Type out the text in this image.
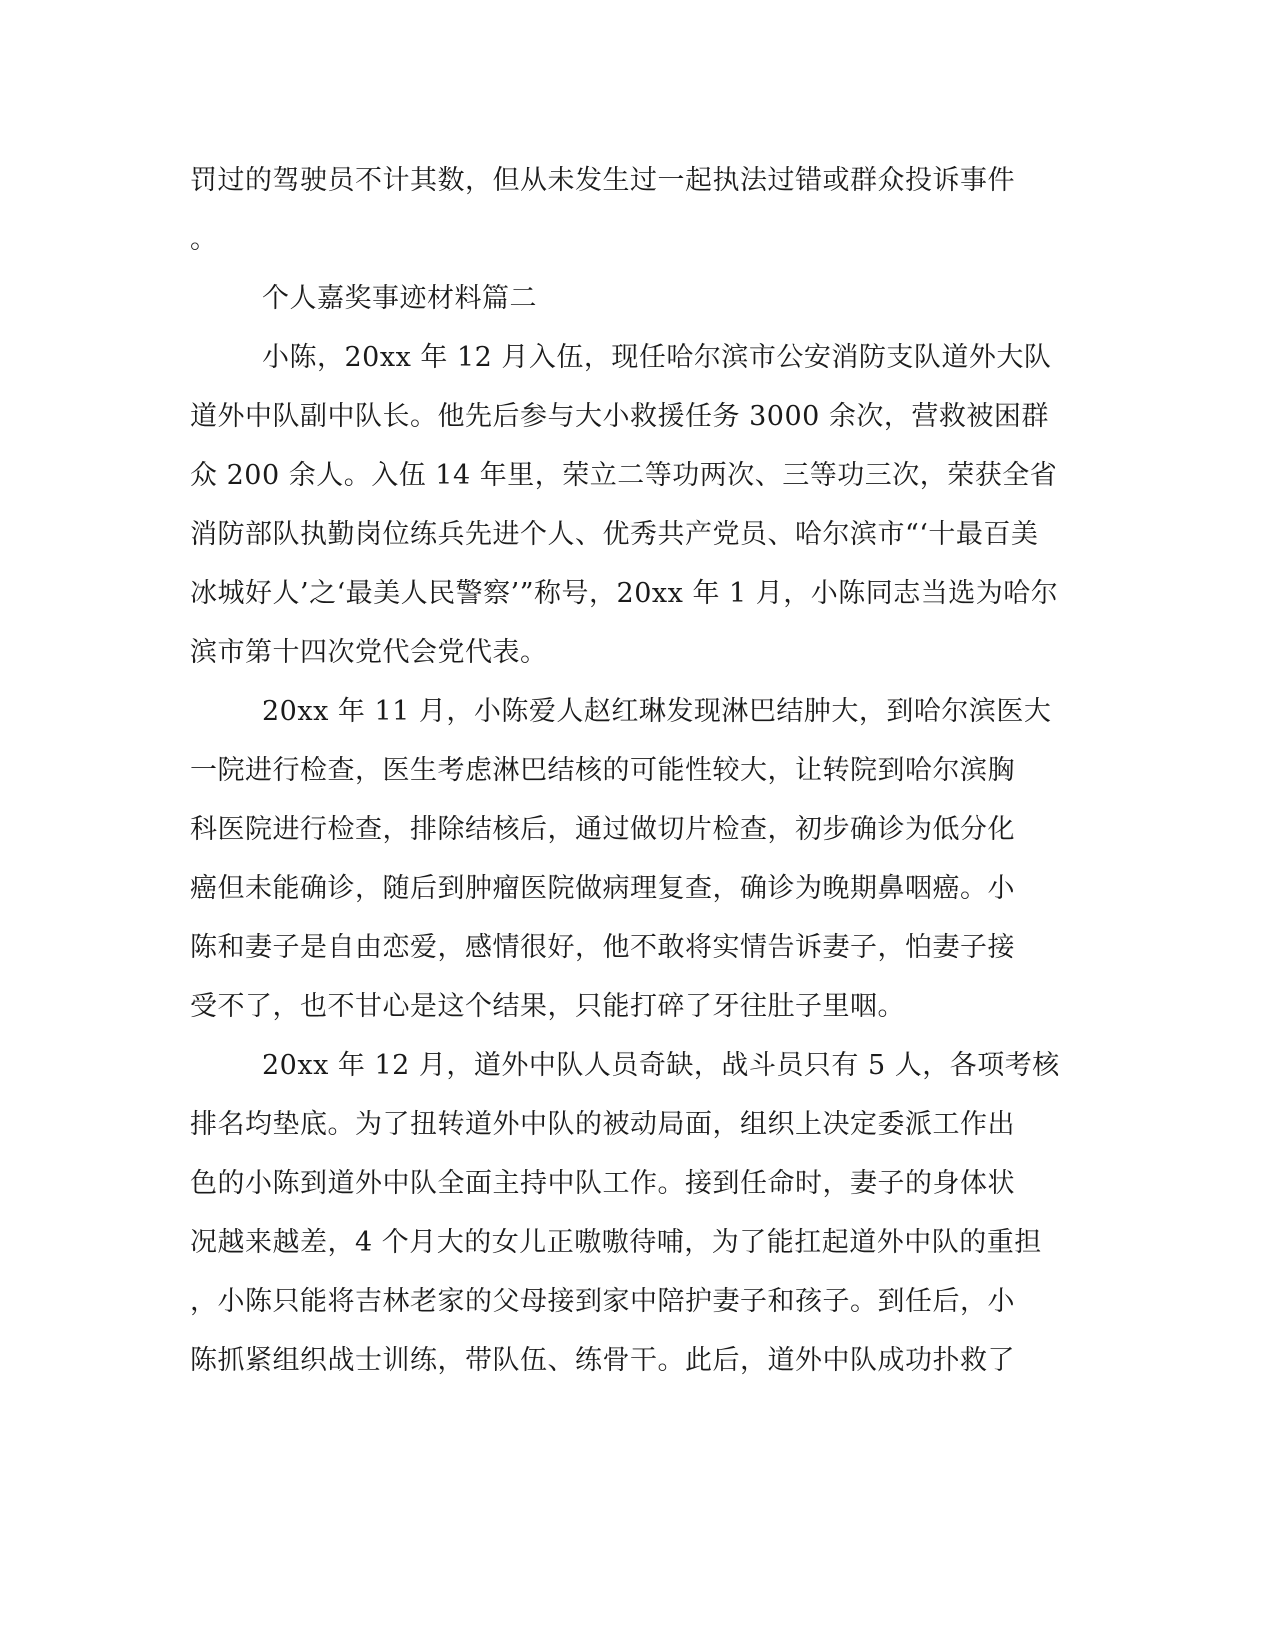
罚过的驾驶员不计其数，但从未发生过一起执法过错或群众投诉事件
。
个人嘉奖事迹材料篇二
小陈，20xx 年 12 月入伍，现任哈尔滨市公安消防支队道外大队
道外中队副中队长。他先后参与大小救援任务 3000 余次，营救被困群
众 200 余人。入伍 14 年里，荣立二等功两次、三等功三次，荣获全省
消防部队执勤岗位练兵先进个人、优秀共产党员、哈尔滨市“‘十最百美
冰城好人’之‘最美人民警察’”称号，20xx 年 1 月，小陈同志当选为哈尔
滨市第十四次党代会党代表。
20xx 年 11 月，小陈爱人赵红琳发现淋巴结肿大，到哈尔滨医大
一院进行检查，医生考虑淋巴结核的可能性较大，让转院到哈尔滨胸
科医院进行检查，排除结核后，通过做切片检查，初步确诊为低分化
癌但未能确诊，随后到肿瘤医院做病理复查，确诊为晚期鼻咽癌。小
陈和妻子是自由恋爱，感情很好，他不敢将实情告诉妻子，怕妻子接
受不了，也不甘心是这个结果，只能打碎了牙往肚子里咽。
20xx 年 12 月，道外中队人员奇缺，战斗员只有 5 人，各项考核
排名均垫底。为了扭转道外中队的被动局面，组织上决定委派工作出
色的小陈到道外中队全面主持中队工作。接到任命时，妻子的身体状
况越来越差，4 个月大的女儿正嗷嗷待哺，为了能扛起道外中队的重担
，小陈只能将吉林老家的父母接到家中陪护妻子和孩子。到任后，小
陈抓紧组织战士训练，带队伍、练骨干。此后，道外中队成功扑救了
